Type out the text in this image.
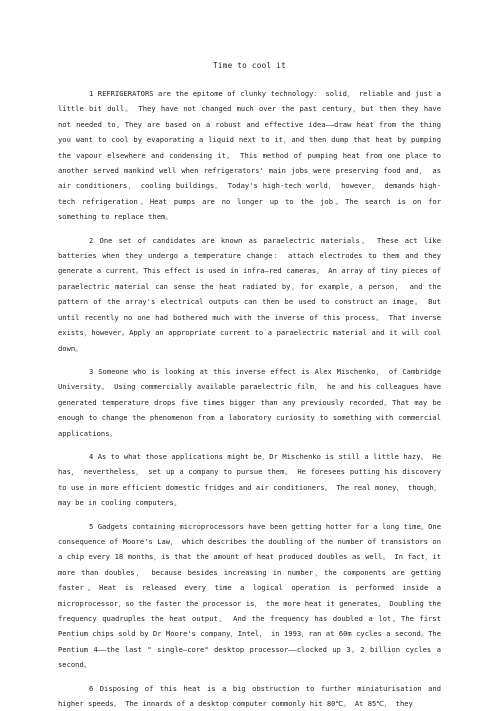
Time to cool it

1 REFRIGERATORS are the epitome of clunky technology： solid， reliable and just a little bit dull。 They have not changed much over the past century，but then they have not needed to。They are based on a robust and effective idea——draw heat from the thing you want to cool by evaporating a liquid next to it，and then dump that heat by pumping the vapour elsewhere and condensing it。 This method of pumping heat from one place to another served mankind well when refrigerators' main jobs were preserving food and， as air conditioners， cooling buildings。 Today's high-tech world， however， demands high-tech refrigeration。Heat pumps are no longer up to the job。The search is on for something to replace them。

2 One set of candidates are known as paraelectric materials。 These act like batteries when they undergo a temperature change： attach electrodes to them and they generate a current。This effect is used in infra—red cameras。 An array of tiny pieces of paraelectric material can sense the heat radiated by，for example，a person， and the pattern of the array's electrical outputs can then be used to construct an image。 But until recently no one had bothered much with the inverse of this process。 That inverse exists，however。Apply an appropriate current to a paraelectric material and it will cool down。

3 Someone who is looking at this inverse effect is Alex Mischenko， of Cambridge University。 Using commercially available paraelectric film， he and his colleagues have generated temperature drops five times bigger than any previously recorded。That may be enough to change the phenomenon from a laboratory curiosity to something with commercial applications。

4 As to what those applications might be，Dr Mischenko is still a little hazy。 He has， nevertheless， set up a company to pursue them。 He foresees putting his discovery to use in more efficient domestic fridges and air conditioners。 The real money， though， may be in cooling computers。

5 Gadgets containing microprocessors have been getting hotter for a long time。One consequence of Moore's Law， which describes the doubling of the number of transistors on a chip every 18 months，is that the amount of heat produced doubles as well。 In fact，it more than doubles， because besides increasing in number，the components are getting faster。Heat is released every time a logical operation is performed inside a microprocessor，so the faster the processor is， the more heat it generates。 Doubling the frequency quadruples the heat output。 And the frequency has doubled a lot。The first Pentium chips sold by Dr Moore's company，Intel， in 1993，ran at 60m cycles a second。The Pentium 4——the last " single—core" desktop processor——clocked up 3。2 billion cycles a second。

6 Disposing of this heat is a big obstruction to further miniaturisation and higher speeds。 The innards of a desktop computer commonly hit 80℃。 At 85℃， they
